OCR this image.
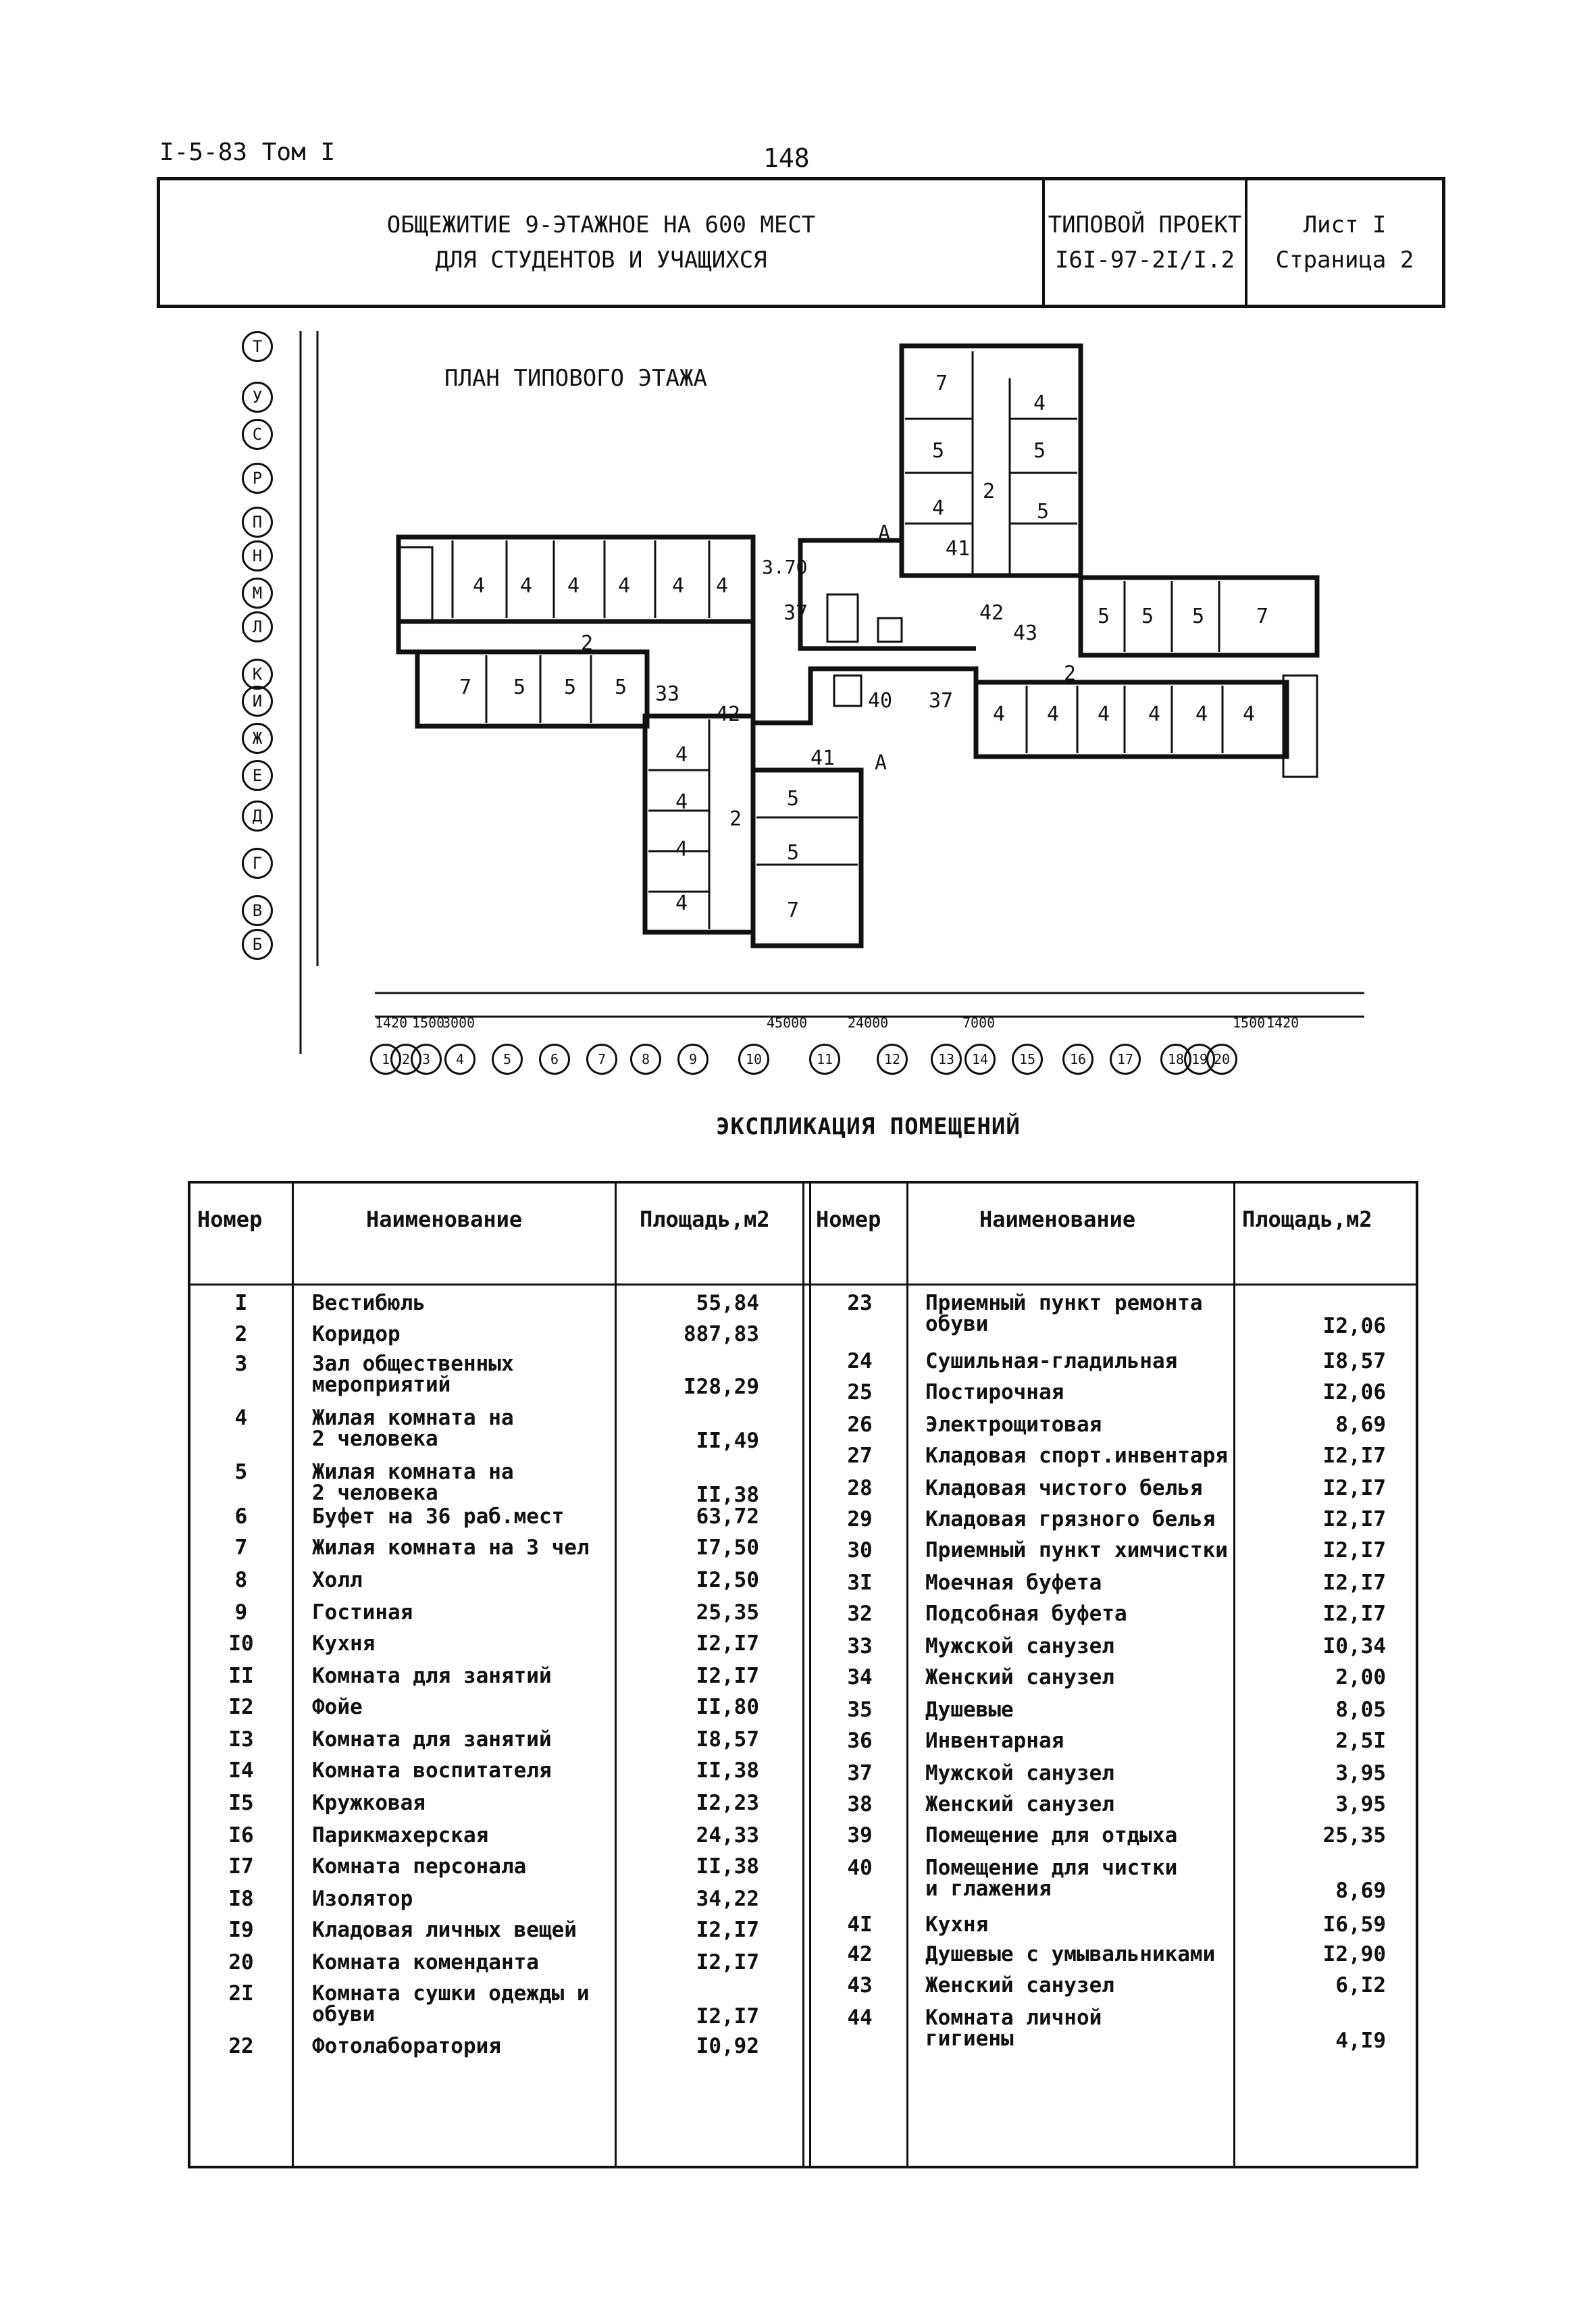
I-5-83 Том I	148
ОБЩЕЖИТИЕ 9-ЭТАЖНОЕ НА 600 МЕСТ
ДЛЯ СТУДЕНТОВ И УЧАЩИХСЯ
ТИПОВОЙ ПРОЕКТ
I6I-97-2I/I.2
Лист I
Страница 2
ПЛАН ТИПОВОГО ЭТАЖА
3.70
А
А
Т
У
С
Р
П
Н
М
Л
К
И
Ж
Е
Д
Г
В
Б
1 2 3	4	5	6	7	8	9	10	11	12	13	14	15	16	17	18 19 20
7
4
5	5
4	5
4 4 4 4 4 4
37
7 5 5 5 33
42
4
4
4
4
5
5
7
37
40
41
42
43
5 5 5	7
4 4 4 4 4 4
2
2
2
2
41
1420 1500
3000	45000	7000
24000	1500 1420
ЭКСПЛИКАЦИЯ ПОМЕЩЕНИЙ
Номер	Наименование	Площадь,м2 Номер	Наименование	Площадь,м2
I	Вестибюль	55,84
2	Коридор	887,83
3	Зал общественных
мероприятий	I28,29
4	Жилая комната на
2 человека	II,49
5	Жилая комната на
2 человека	II,38
6	Буфет на 36 раб.мест	63,72
7	Жилая комната на 3 чел	I7,50
8	Холл	I2,50
9	Гостиная	25,35
I0	Кухня	I2,I7
II	Комната для занятий	I2,I7
I2	Фойе	II,80
I3	Комната для занятий	I8,57
I4	Комната воспитателя	II,38
I5	Кружковая	I2,23
I6	Парикмахерская	24,33
I7	Комната персонала	II,38
I8	Изолятор	34,22
I9	Кладовая личных вещей	I2,I7
20	Комната коменданта	I2,I7
2I	Комната сушки одежды и
обуви	I2,I7
22	Фотолаборатория	I0,92
23	Приемный пункт ремонта
обуви	I2,06
24	Сушильная-гладильная	I8,57
25	Постирочная	I2,06
26	Электрощитовая	8,69
27	Кладовая спорт.инвентаря	I2,I7
28	Кладовая чистого белья	I2,I7
29	Кладовая грязного белья	I2,I7
30	Приемный пункт химчистки	I2,I7
3I	Моечная буфета	I2,I7
32	Подсобная буфета	I2,I7
33	Мужской санузел	I0,34
34	Женский санузел	2,00
35	Душевые	8,05
36	Инвентарная	2,5I
37	Мужской санузел	3,95
38	Женский санузел	3,95
39	Помещение для отдыха	25,35
40	Помещение для чистки
и глажения	8,69
4I	Кухня	I6,59
42	Душевые с умывальниками	I2,90
43	Женский санузел	6,I2
44	Комната личной
гигиены	4,I9
